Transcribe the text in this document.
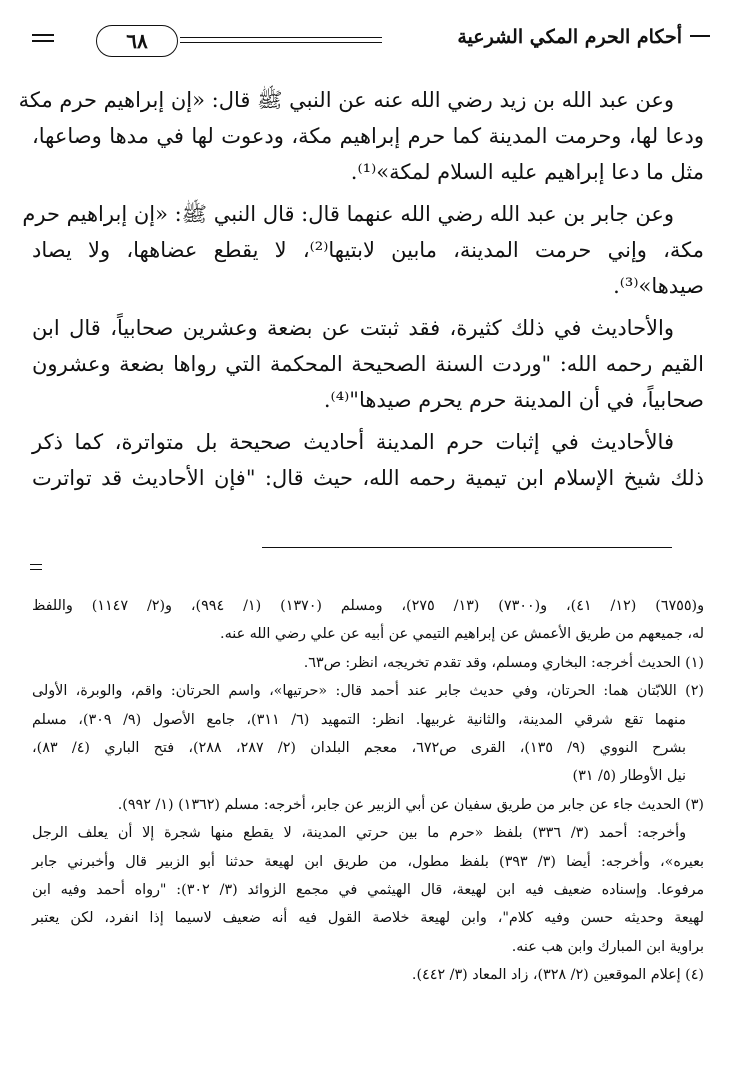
٦٨	أحكام الحرم المكي الشرعية
وعن عبد الله بن زيد رضي الله عنه عن النبي ﷺ قال: «إن إبراهيم حرم مكة
ودعا لها، وحرمت المدينة كما حرم إبراهيم مكة، ودعوت لها في مدها وصاعها،
مثل ما دعا إبراهيم عليه السلام لمكة»⁽¹⁾.
وعن جابر بن عبد الله رضي الله عنهما قال: قال النبي ﷺ: «إن إبراهيم حرم
مكة، وإني حرمت المدينة، مابين لابتيها⁽²⁾، لا يقطع عضاهها، ولا يصاد
صيدها»⁽³⁾.
والأحاديث في ذلك كثيرة، فقد ثبتت عن بضعة وعشرين صحابياً، قال ابن
القيم رحمه الله: "وردت السنة الصحيحة المحكمة التي رواها بضعة وعشرون
صحابياً، في أن المدينة حرم يحرم صيدها"⁽⁴⁾.
فالأحاديث في إثبات حرم المدينة أحاديث صحيحة بل متواترة، كما ذكر
ذلك شيخ الإسلام ابن تيمية رحمه الله، حيث قال: "فإن الأحاديث قد تواترت
و(٦٧٥٥) (١٢/ ٤١)، و(٧٣٠٠) (١٣/ ٢٧٥)، ومسلم (١٣٧٠) (١/ ٩٩٤)، و(٢/ ١١٤٧) واللفظ
له، جميعهم من طريق الأعمش عن إبراهيم التيمي عن أبيه عن علي رضي الله عنه.
(١) الحديث أخرجه: البخاري ومسلم، وقد تقدم تخريجه، انظر: ص٦٣.
(٢) اللابّتان هما: الحرتان، وفي حديث جابر عند أحمد قال: «حرتيها»، واسم الحرتان: واقم، والوبرة، الأولى
منهما تقع شرقي المدينة، والثانية غربيها. انظر: التمهيد (٦/ ٣١١)، جامع الأصول (٩/ ٣٠٩)، مسلم
بشرح النووي (٩/ ١٣٥)، القرى ص٦٧٢، معجم البلدان (٢/ ٢٨٧، ٢٨٨)، فتح الباري (٤/ ٨٣)،
نيل الأوطار (٥/ ٣١)
(٣) الحديث جاء عن جابر من طريق سفيان عن أبي الزبير عن جابر، أخرجه: مسلم (١٣٦٢) (١/ ٩٩٢).
وأخرجه: أحمد (٣/ ٣٣٦) بلفظ «حرم ما بين حرتي المدينة، لا يقطع منها شجرة إلا أن يعلف الرجل
بعيره»، وأخرجه: أيضا (٣/ ٣٩٣) بلفظ مطول، من طريق ابن لهيعة حدثنا أبو الزبير قال وأخبرني جابر
مرفوعا. وإسناده ضعيف فيه ابن لهيعة، قال الهيثمي في مجمع الزوائد (٣/ ٣٠٢): "رواه أحمد وفيه ابن
لهيعة وحديثه حسن وفيه كلام"، وابن لهيعة خلاصة القول فيه أنه ضعيف لاسيما إذا انفرد، لكن يعتبر
براوية ابن المبارك وابن هب عنه.
(٤) إعلام الموقعين (٢/ ٣٢٨)، زاد المعاد (٣/ ٤٤٢).
